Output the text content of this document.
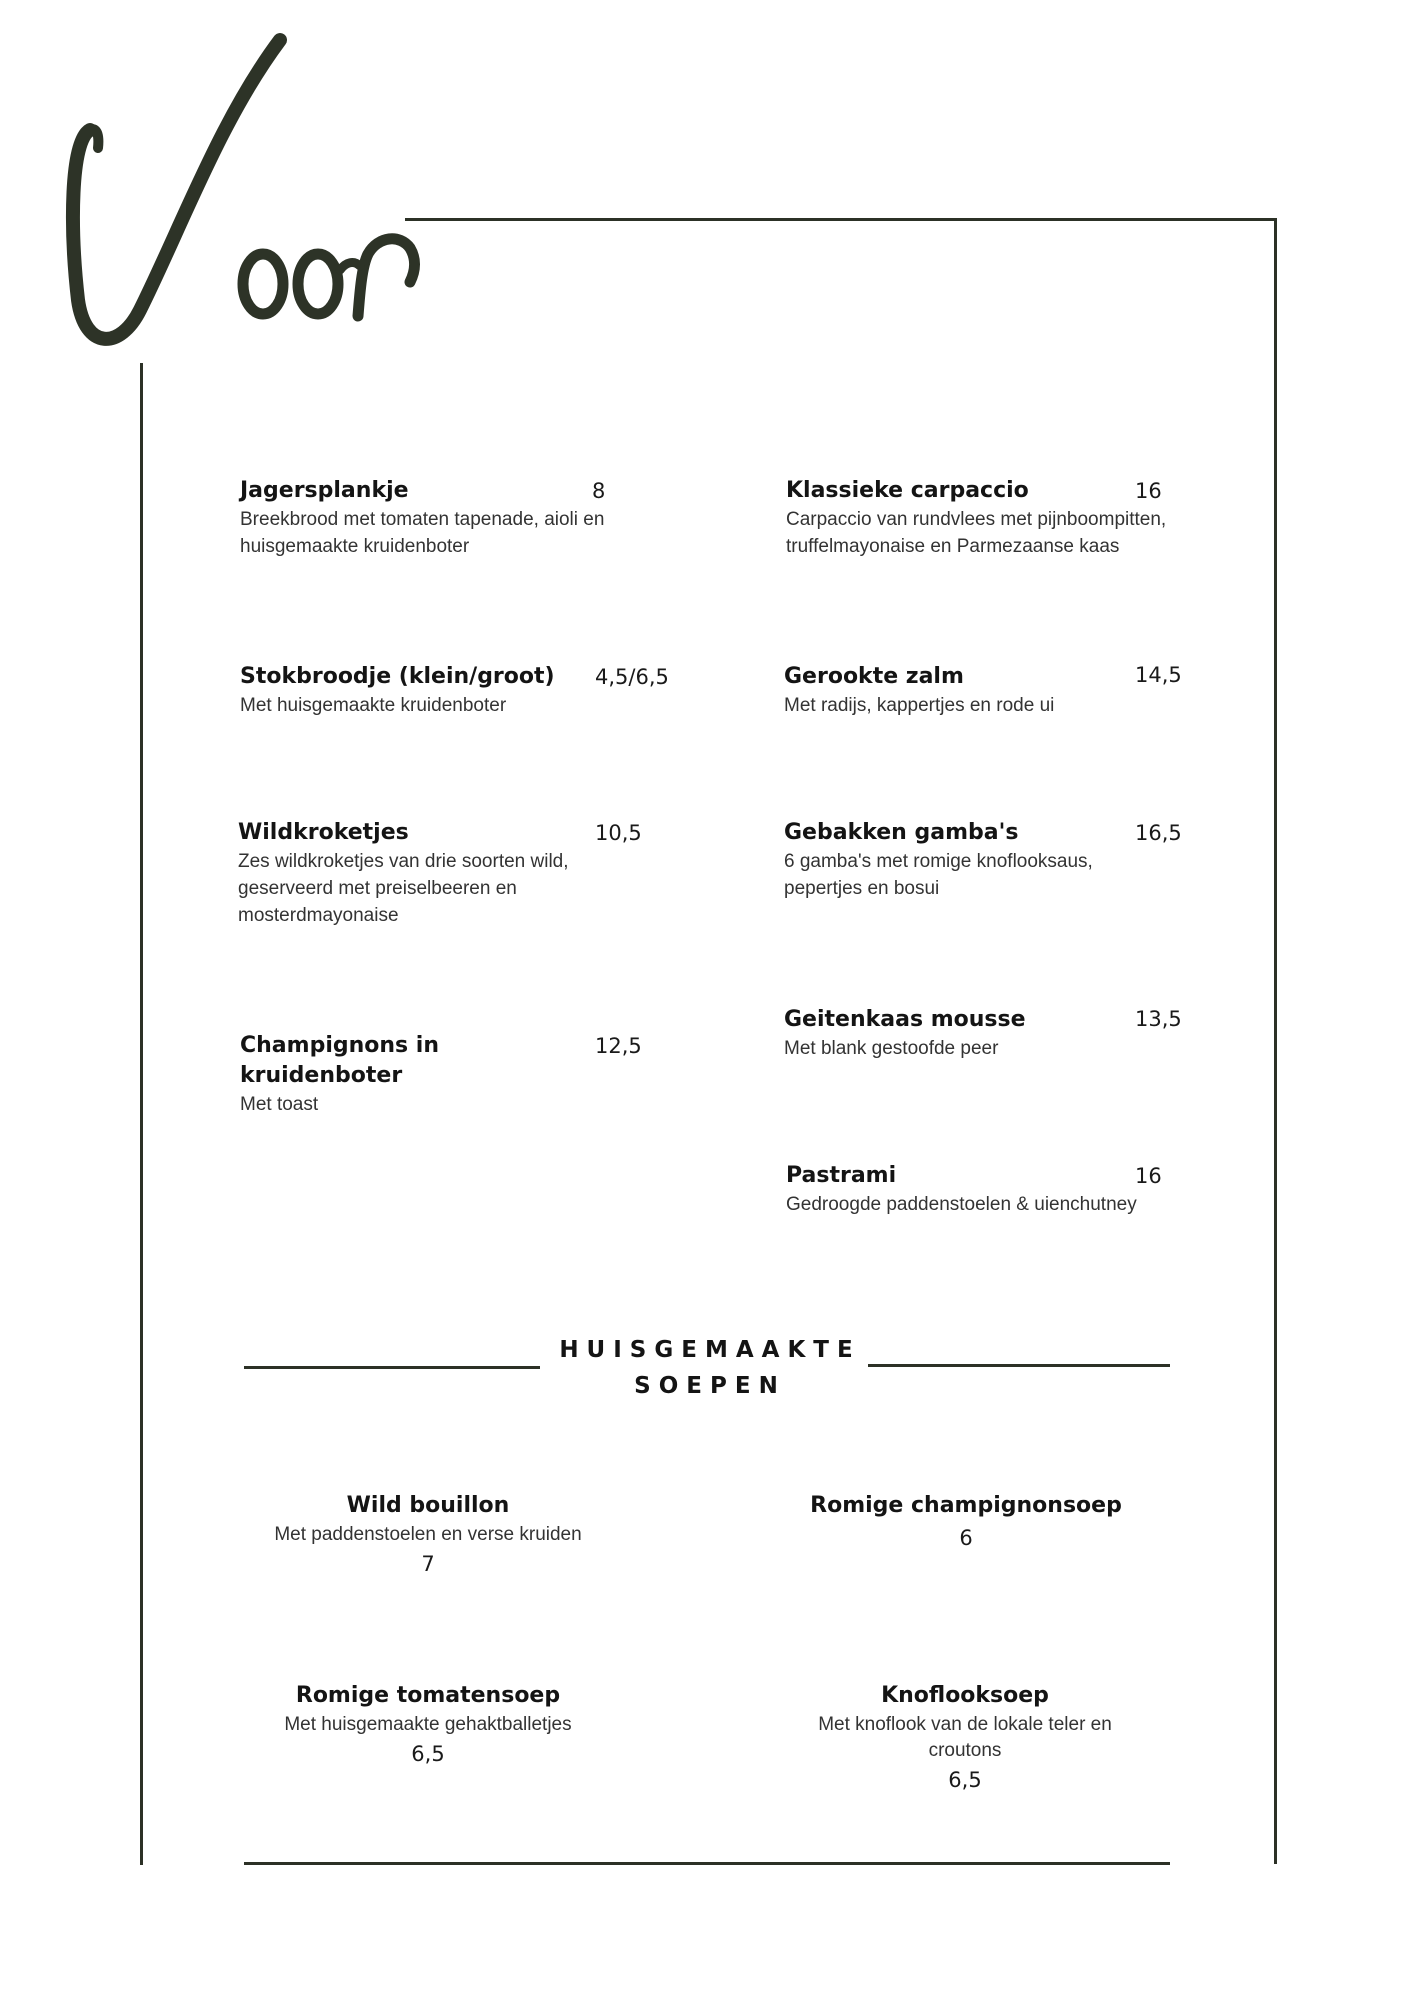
Jagersplankje
Breekbrood met tomaten tapenade, aioli en huisgemaakte kruidenboter
8
Stokbroodje (klein/groot)
Met huisgemaakte kruidenboter
4,5/6,5
Wildkroketjes
Zes wildkroketjes van drie soorten wild, geserveerd met preiselbeeren en mosterdmayonaise
10,5
Champignons in kruidenboter
Met toast
12,5
Klassieke carpaccio
Carpaccio van rundvlees met pijnboompitten, truffelmayonaise en Parmezaanse kaas
16
Gerookte zalm
Met radijs, kappertjes en rode ui
14,5
Gebakken gamba's
6 gamba's met romige knoflooksaus, pepertjes en bosui
16,5
Geitenkaas mousse
Met blank gestoofde peer
13,5
Pastrami
Gedroogde paddenstoelen & uienchutney
16
HUISGEMAAKTE
SOEPEN
Wild bouillon
Met paddenstoelen en verse kruiden
7
Romige champignonsoep
6
Romige tomatensoep
Met huisgemaakte gehaktballetjes
6,5
Knoflooksoep
Met knoflook van de lokale teler en croutons
6,5
